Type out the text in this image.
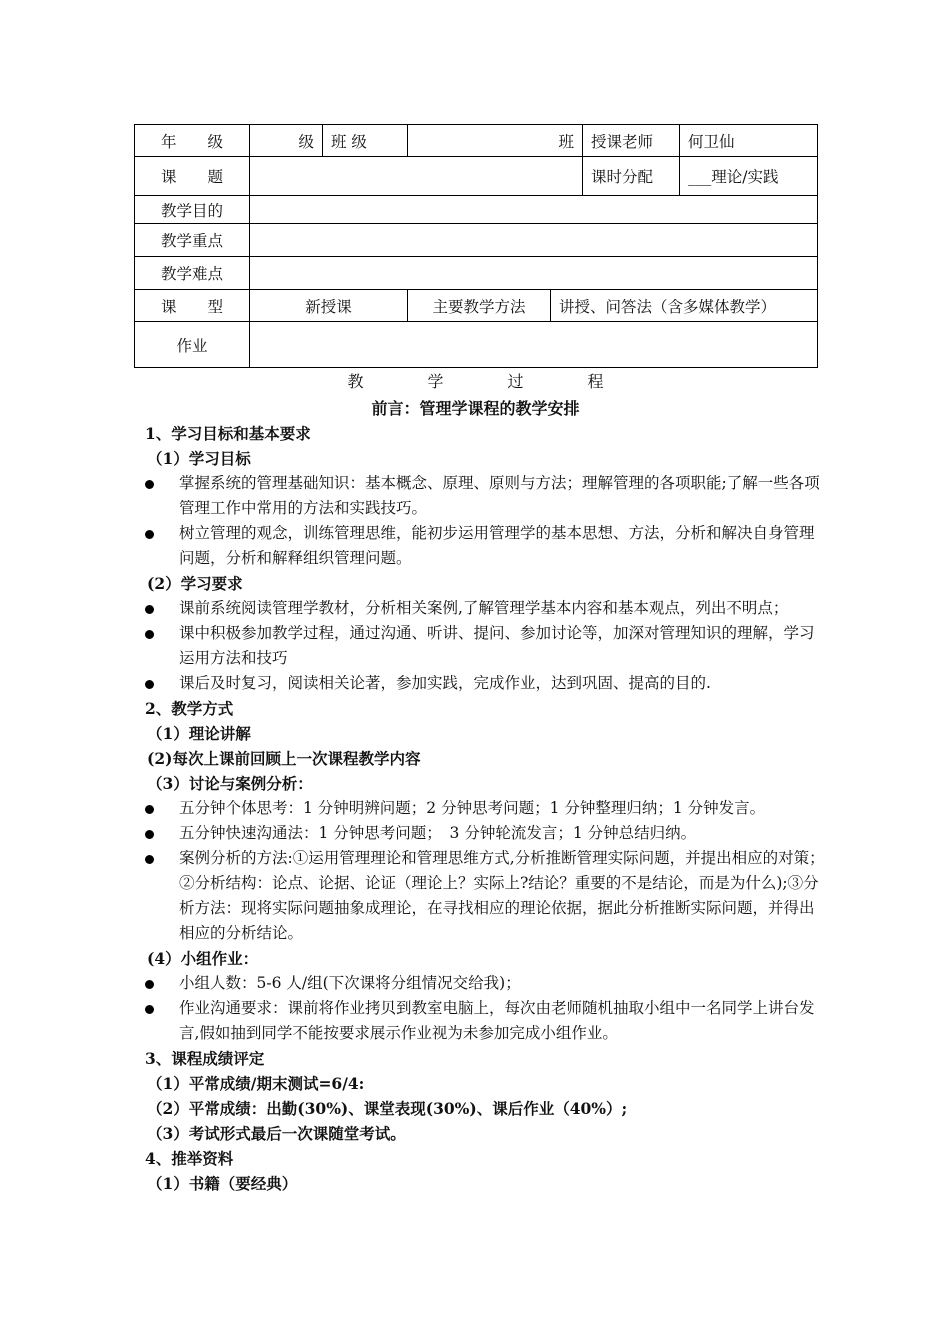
年　　级	级	班 级	班		授课老师	何卫仙
课　　题					课时分配	___理论/实践
教学目的						
教学重点						
教学难点						
课　　型	新授课		主要教学方法	讲授、问答法（含多媒体教学）		
作业						
教	学	过	程
前言：管理学课程的教学安排
1、学习目标和基本要求
（1）学习目标
掌握系统的管理基础知识：基本概念、原理、原则与方法；理解管理的各项职能;了解一些各项管理工作中常用的方法和实践技巧。
树立管理的观念，训练管理思维，能初步运用管理学的基本思想、方法，分析和解决自身管理问题，分析和解释组织管理问题。
(2）学习要求
课前系统阅读管理学教材，分析相关案例,了解管理学基本内容和基本观点，列出不明点；
课中积极参加教学过程，通过沟通、听讲、提问、参加讨论等，加深对管理知识的理解，学习运用方法和技巧
课后及时复习，阅读相关论著，参加实践，完成作业，达到巩固、提高的目的.
2、教学方式
（1）理论讲解
(2)每次上课前回顾上一次课程教学内容
（3）讨论与案例分析：
五分钟个体思考：1 分钟明辨问题；2 分钟思考问题；1 分钟整理归纳；1 分钟发言。
五分钟快速沟通法：1 分钟思考问题；　3 分钟轮流发言；1 分钟总结归纳。
案例分析的方法:①运用管理理论和管理思维方式,分析推断管理实际问题，并提出相应的对策；②分析结构：论点、论据、论证（理论上？实际上?结论？重要的不是结论，而是为什么);③分析方法：现将实际问题抽象成理论，在寻找相应的理论依据，据此分析推断实际问题，并得出相应的分析结论。
(4）小组作业：
小组人数：5-6 人/组(下次课将分组情况交给我)；
作业沟通要求：课前将作业拷贝到教室电脑上，每次由老师随机抽取小组中一名同学上讲台发言,假如抽到同学不能按要求展示作业视为未参加完成小组作业。
3、课程成绩评定
（1）平常成绩/期末测试=6/4:
（2）平常成绩：出勤(30%)、课堂表现(30%)、课后作业（40%）;
（3）考试形式最后一次课随堂考试。
4、推举资料
（1）书籍（要经典）
